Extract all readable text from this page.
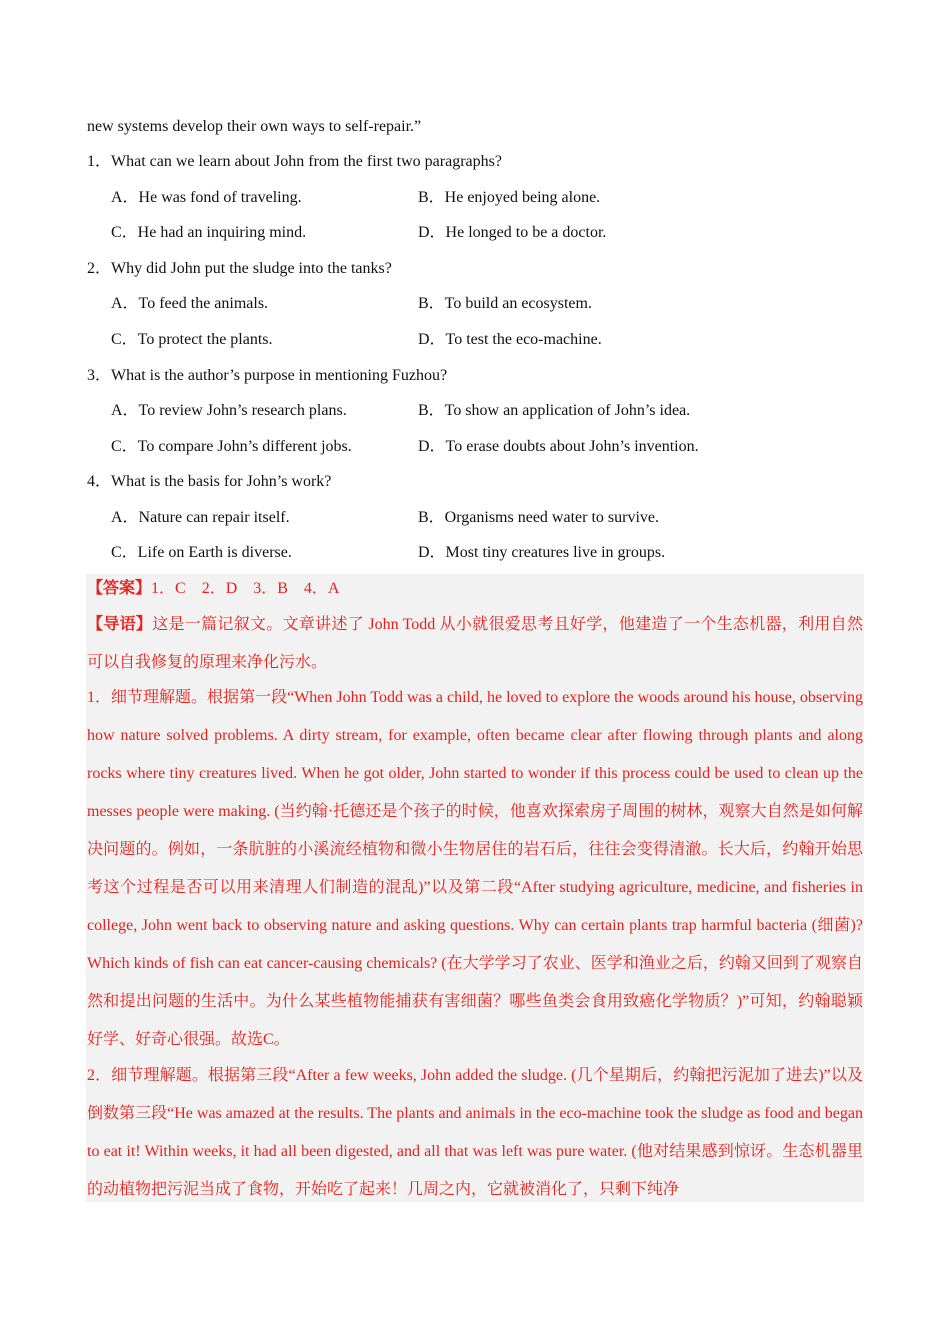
new systems develop their own ways to self-repair.”
1．What can we learn about John from the first two paragraphs?
A．He was fond of traveling.	B．He enjoyed being alone.
C．He had an inquiring mind.	D．He longed to be a doctor.
2．Why did John put the sludge into the tanks?
A．To feed the animals.	B．To build an ecosystem.
C．To protect the plants.	D．To test the eco-machine.
3．What is the author’s purpose in mentioning Fuzhou?
A．To review John’s research plans.	B．To show an application of John’s idea.
C．To compare John’s different jobs.	D．To erase doubts about John’s invention.
4．What is the basis for John’s work?
A．Nature can repair itself.	B．Organisms need water to survive.
C．Life on Earth is diverse.	D．Most tiny creatures live in groups.
【答案】1．C　2．D　3．B　4．A
【导语】这是一篇记叙文。文章讲述了 John Todd 从小就很爱思考且好学，他建造了一个生态机器，利用自然可以自我修复的原理来净化污水。
1．细节理解题。根据第一段“When John Todd was a child, he loved to explore the woods around his house, observing how nature solved problems. A dirty stream, for example, often became clear after flowing through plants and along rocks where tiny creatures lived. When he got older, John started to wonder if this process could be used to clean up the messes people were making. (当约翰·托德还是个孩子的时候，他喜欢探索房子周围的树林，观察大自然是如何解决问题的。例如，一条肮脏的小溪流经植物和微小生物居住的岩石后，往往会变得清澈。长大后，约翰开始思考这个过程是否可以用来清理人们制造的混乱)”以及第二段“After studying agriculture, medicine, and fisheries in college, John went back to observing nature and asking questions. Why can certain plants trap harmful bacteria (细菌)? Which kinds of fish can eat cancer-causing chemicals? (在大学学习了农业、医学和渔业之后，约翰又回到了观察自然和提出问题的生活中。为什么某些植物能捕获有害细菌？哪些鱼类会食用致癌化学物质？)”可知，约翰聪颖好学、好奇心很强。故选C。
2．细节理解题。根据第三段“After a few weeks, John added the sludge. (几个星期后，约翰把污泥加了进去)”以及倒数第三段“He was amazed at the results. The plants and animals in the eco-machine took the sludge as food and began to eat it! Within weeks, it had all been digested, and all that was left was pure water. (他对结果感到惊讶。生态机器里的动植物把污泥当成了食物，开始吃了起来！几周之内，它就被消化了，只剩下纯净
